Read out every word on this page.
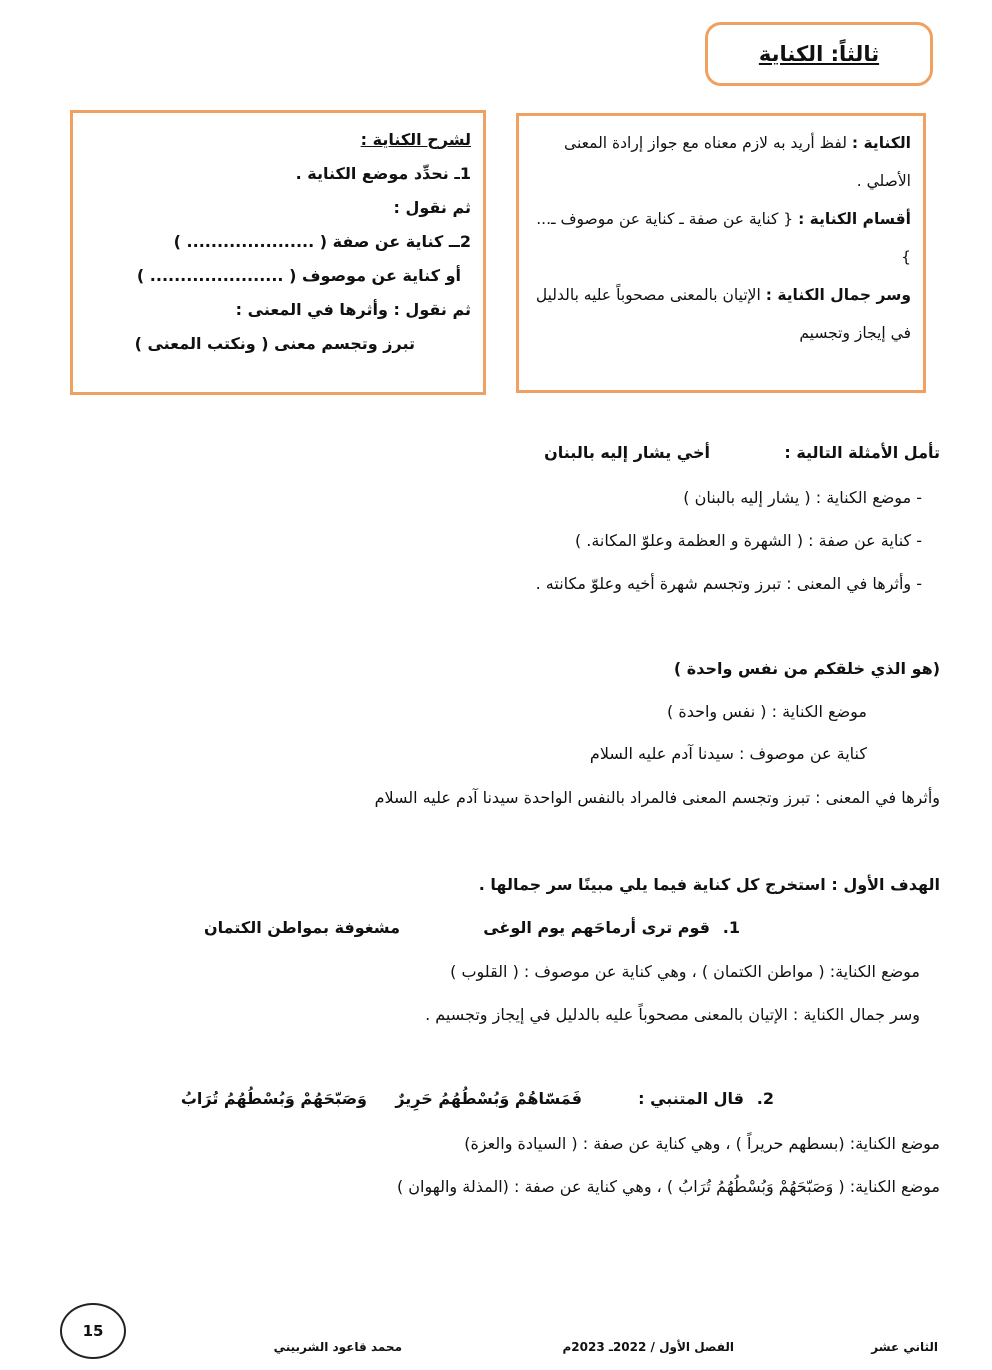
ثالثاً: الكناية
الكناية : لفظ أريد به لازم معناه مع جواز إرادة المعنى الأصلي .
أقسام الكناية : { كناية عن صفة ـ كناية عن موصوف ـ... }
وسر جمال الكناية : الإتيان بالمعنى مصحوباً عليه بالدليل في إيجاز وتجسيم
لشرح الكناية :
1ـ نحدِّد موضع الكناية .
ثم نقول :
2ــ كناية عن صفة ( ..................... )
أو كناية عن موصوف ( ...................... )
ثم نقول : وأثرها في المعنى :
تبرز وتجسم معنى ( ونكتب المعنى )
تأمل الأمثلة التالية :
أخي يشار إليه بالبنان
- موضع الكناية : ( يشار إليه بالبنان )
- كناية عن صفة : ( الشهرة و العظمة وعلوّ المكانة. )
- وأثرها في المعنى : تبرز وتجسم شهرة أخيه وعلوّ مكانته .
(هو الذي خلقكم من نفس واحدة )
موضع الكناية : ( نفس واحدة )
كناية عن موصوف : سيدنا آدم عليه السلام
وأثرها في المعنى : تبرز وتجسم المعنى فالمراد بالنفس الواحدة سيدنا آدم عليه السلام
الهدف الأول : استخرج كل كناية فيما يلي مبينًا سر جمالها .
1.
قوم ترى أرماحَهم يوم الوغى
مشغوفة بمواطن الكتمان
موضع الكناية: ( مواطن الكتمان ) ، وهي كناية عن موصوف : ( القلوب )
وسر جمال الكناية : الإتيان بالمعنى مصحوباً عليه بالدليل في إيجاز وتجسيم .
2.
قال المتنبي :
فَمَسّاهُمْ وَبُسْطُهُمُ حَرِيرٌ
وَصَبّحَهُمْ وَبُسْطُهُمُ تُرَابُ
موضع الكناية: (بسطهم حريراً ) ، وهي كناية عن صفة : ( السيادة والعزة)
موضع الكناية: ( وَصَبّحَهُمْ وَبُسْطُهُمُ تُرَابُ ) ، وهي كناية عن صفة : (المذلة والهوان )
15
الثاني عشر
الفصل الأول / 2022ـ 2023م
محمد قاعود الشربيني
